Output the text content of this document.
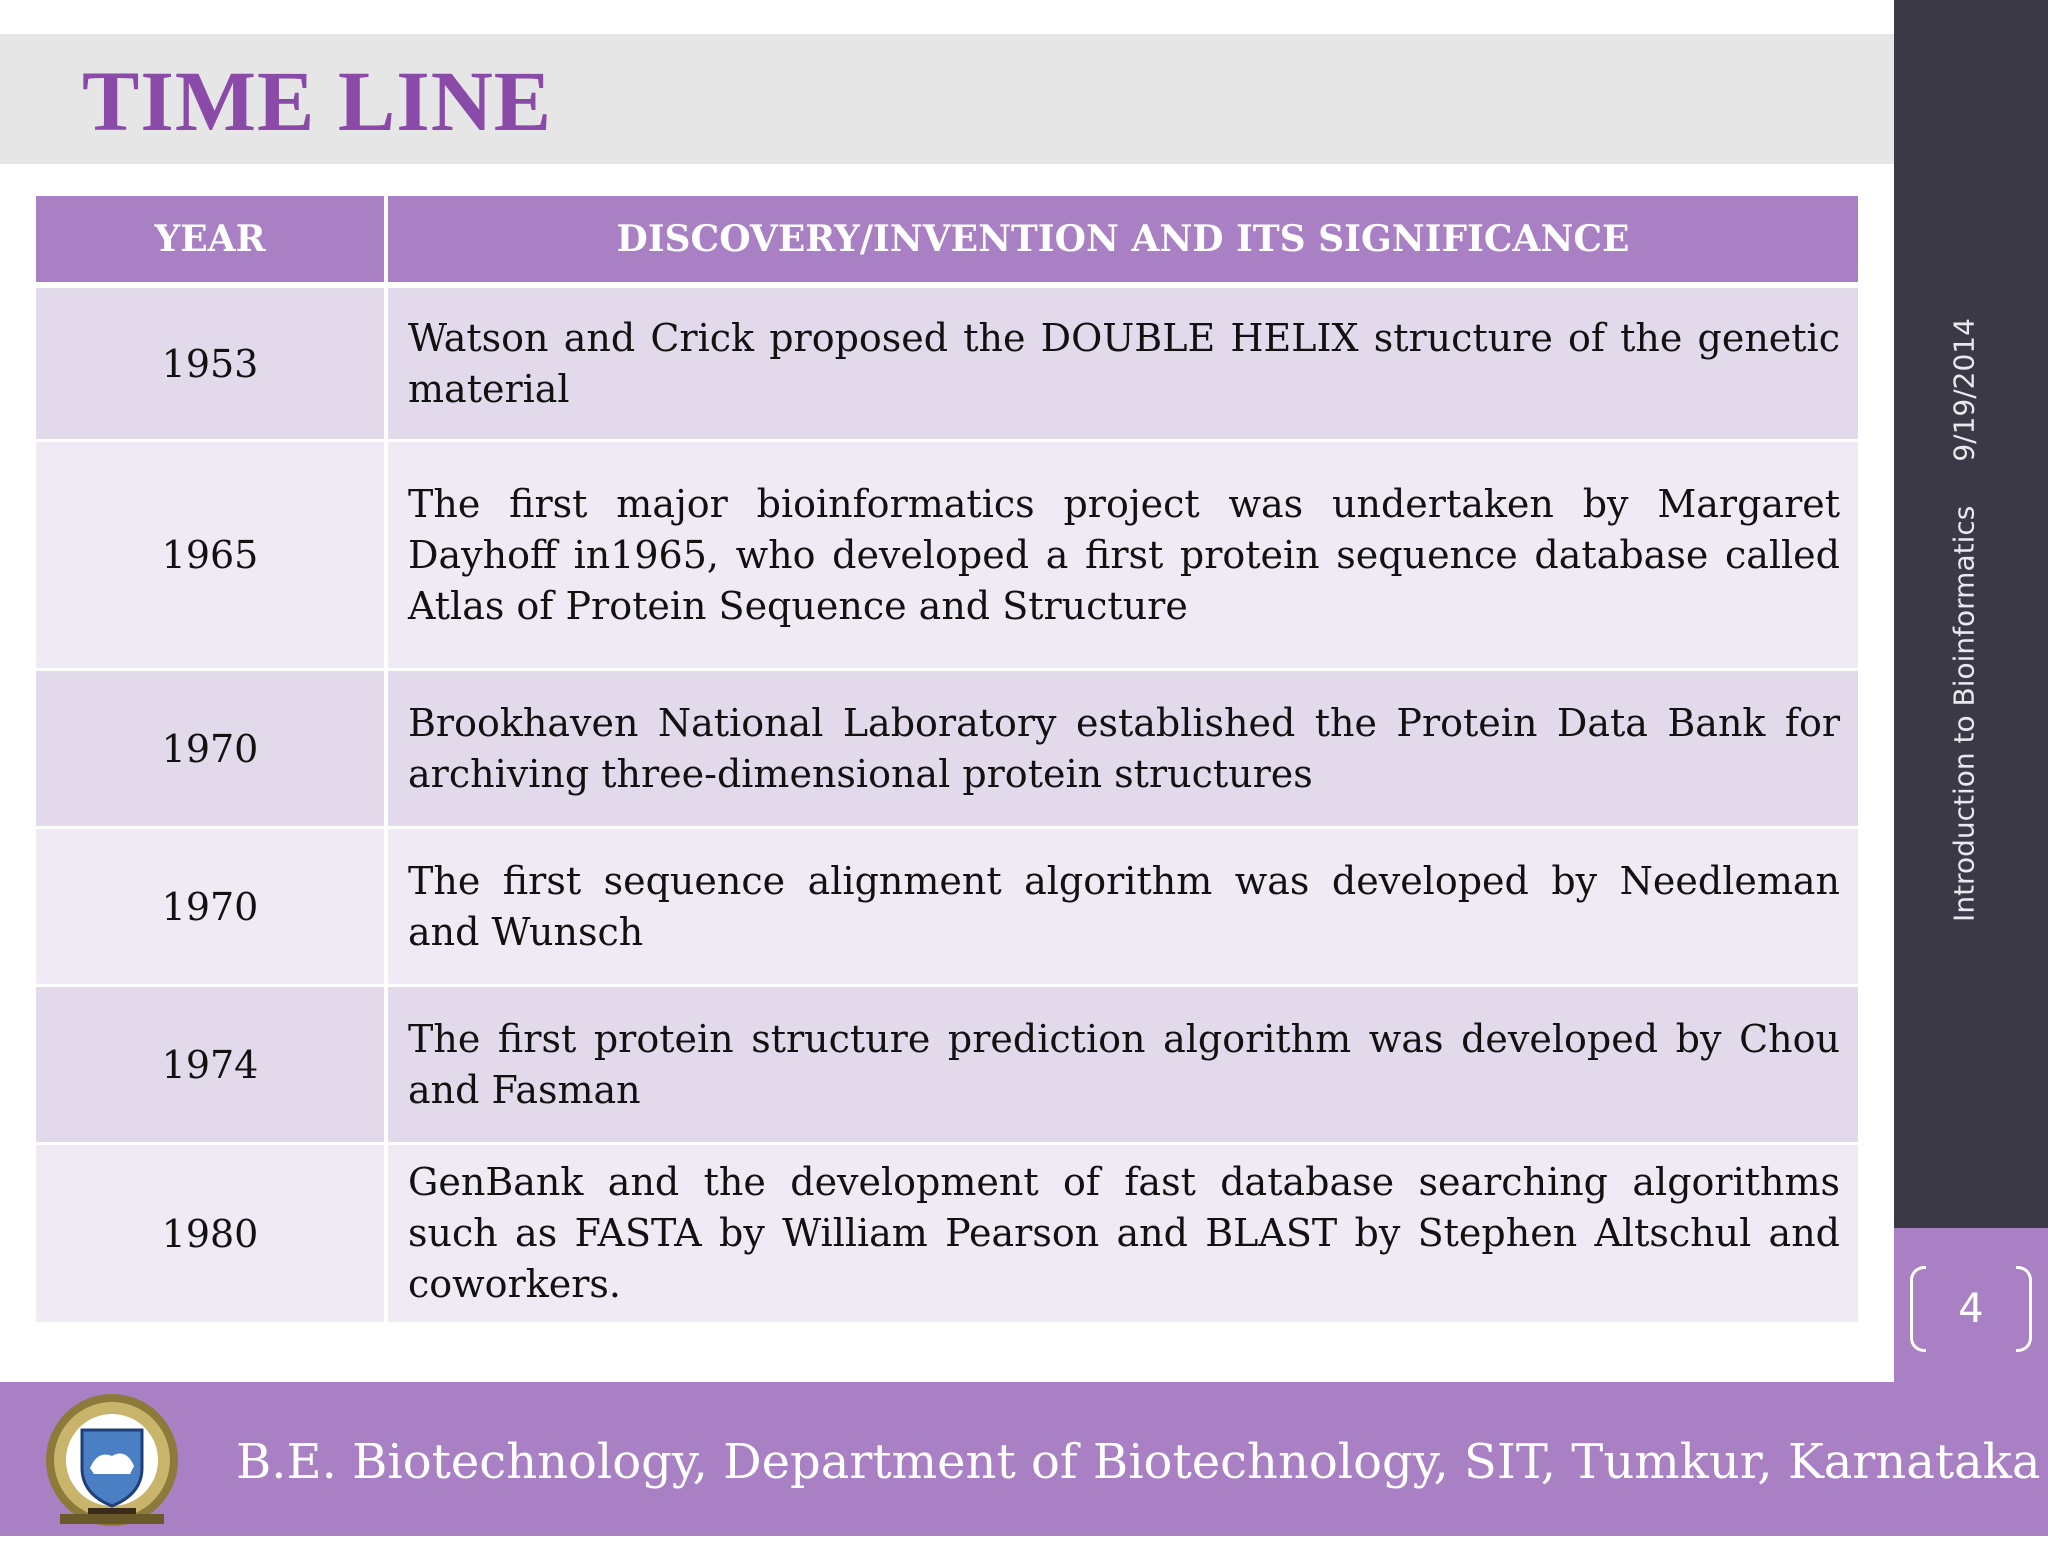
TIME LINE
Introduction to Bioinformatics9/19/2014
4
YEAR	DISCOVERY/INVENTION AND ITS SIGNIFICANCE
1953	Watson and Crick proposed the DOUBLE HELIX structure of the genetic material
1965	The first major bioinformatics project was undertaken by Margaret Dayhoff in1965, who developed a first protein sequence database called Atlas of Protein Sequence and Structure
1970	Brookhaven National Laboratory established the Protein Data Bank for archiving three-dimensional protein structures
1970	The first sequence alignment algorithm was developed by Needleman and Wunsch
1974	The first protein structure prediction algorithm was developed by Chou and Fasman
1980	GenBank and the development of fast database searching algorithms such as FASTA by William Pearson and BLAST by Stephen Altschul and coworkers.
B.E. Biotechnology, Department of Biotechnology, SIT, Tumkur, Karnataka
